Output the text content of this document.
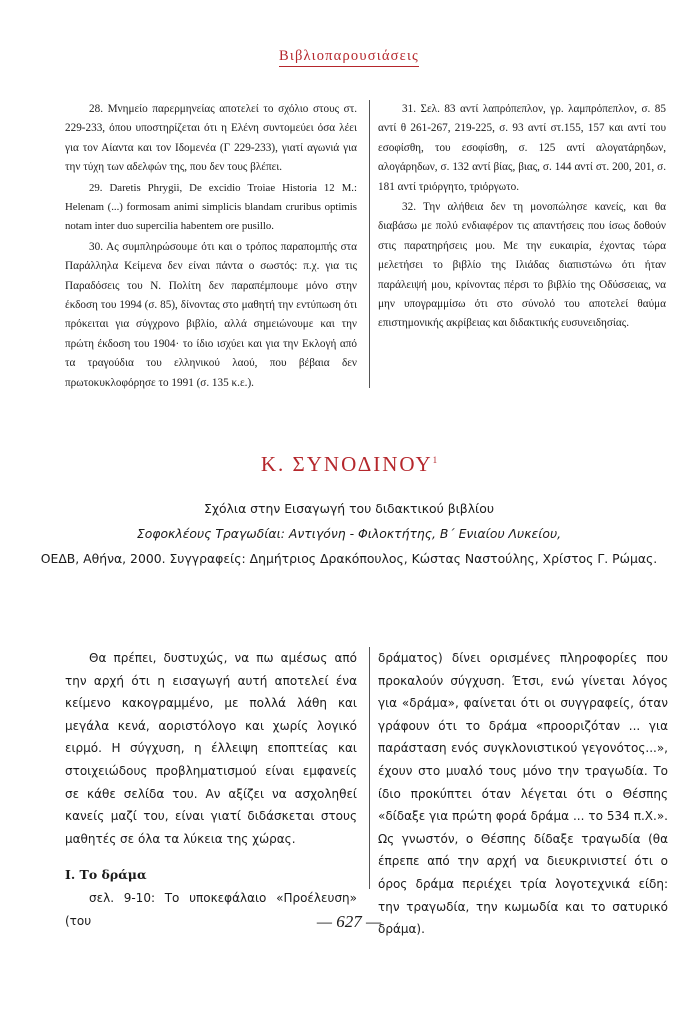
Βιβλιοπαρουσιάσεις

28. Μνημείο παρερμηνείας αποτελεί το σχόλιο στους στ. 229-233, όπου υποστηρίζεται ότι η Ελένη συντομεύει όσα λέει για τον Αίαντα και τον Ιδομενέα (Γ 229-233), γιατί αγωνιά για την τύχη των αδελφών της, που δεν τους βλέπει.

29. Daretis Phrygii, De excidio Troiae Historia 12 M.: Helenam (...) formosam animi simplicis blandam cruribus optimis notam inter duo supercilia habentem ore pusillo.

30. Ας συμπληρώσουμε ότι και ο τρόπος παραπομπής στα Παράλληλα Κείμενα δεν είναι πάντα ο σωστός: π.χ. για τις Παραδόσεις του Ν. Πολίτη δεν παραπέμπουμε μόνο στην έκδοση του 1994 (σ. 85), δίνοντας στο μαθητή την εντύπωση ότι πρόκειται για σύγχρονο βιβλίο, αλλά σημειώνουμε και την πρώτη έκδοση του 1904· το ίδιο ισχύει και για την Εκλογή από τα τραγούδια του ελληνικού λαού, που βέβαια δεν πρωτοκυκλοφόρησε το 1991 (σ. 135 κ.ε.).

31. Σελ. 83 αντί λαπρόπεπλον, γρ. λαμπρόπεπλον, σ. 85 αντί θ 261-267, 219-225, σ. 93 αντί στ.155, 157 και αντί του εσοφίσθη, του εσοφίσθη, σ. 125 αντί αλογατάρηδων, αλογάρηδων, σ. 132 αντί βίας, βιας, σ. 144 αντί στ. 200, 201, σ. 181 αντί τριόργητο, τριόργωτο.

32. Την αλήθεια δεν τη μονοπώλησε κανείς, και θα διαβάσω με πολύ ενδιαφέρον τις απαντήσεις που ίσως δοθούν στις παρατηρήσεις μου. Με την ευκαιρία, έχοντας τώρα μελετήσει το βιβλίο της Ιλιάδας διαπιστώνω ότι ήταν παράλειψή μου, κρίνοντας πέρσι το βιβλίο της Οδύσσειας, να μην υπογραμμίσω ότι στο σύνολό του αποτελεί θαύμα επιστημονικής ακρίβειας και διδακτικής ευσυνειδησίας.

Κ. ΣΥΝΟΔΙΝΟΥ$^1$
Σχόλια στην Εισαγωγή του διδακτικού βιβλίου
Σοφοκλέους Τραγωδίαι: Αντιγόνη - Φιλοκτήτης, Β΄ Ενιαίου Λυκείου,
ΟΕΔΒ, Αθήνα, 2000. Συγγραφείς: Δημήτριος Δρακόπουλος, Κώστας Ναστούλης, Χρίστος Γ. Ρώμας.

Θα πρέπει, δυστυχώς, να πω αμέσως από την αρχή ότι η εισαγωγή αυτή αποτελεί ένα κείμενο κακογραμμένο, με πολλά λάθη και μεγάλα κενά, αοριστόλογο και χωρίς λογικό ειρμό. Η σύγχυση, η έλλειψη εποπτείας και στοιχειώδους προβληματισμού είναι εμφανείς σε κάθε σελίδα του. Αν αξίζει να ασχοληθεί κανείς μαζί του, είναι γιατί διδάσκεται στους μαθητές σε όλα τα λύκεια της χώρας.

Ι. Το δράμα

σελ. 9-10: Το υποκεφάλαιο «Προέλευση» (του

δράματος) δίνει ορισμένες πληροφορίες που προκαλούν σύγχυση. Έτσι, ενώ γίνεται λόγος για «δράμα», φαίνεται ότι οι συγγραφείς, όταν γράφουν ότι το δράμα «προοριζόταν ... για παράσταση ενός συγκλονιστικού γεγονότος...», έχουν στο μυαλό τους μόνο την τραγωδία. Το ίδιο προκύπτει όταν λέγεται ότι ο Θέσπης «δίδαξε για πρώτη φορά δράμα ... το 534 π.Χ.». Ως γνωστόν, ο Θέσπης δίδαξε τραγωδία (θα έπρεπε από την αρχή να διευκρινιστεί ότι ο όρος δράμα περιέχει τρία λογοτεχνικά είδη: την τραγωδία, την κωμωδία και το σατυρικό δράμα).

— 627 —
